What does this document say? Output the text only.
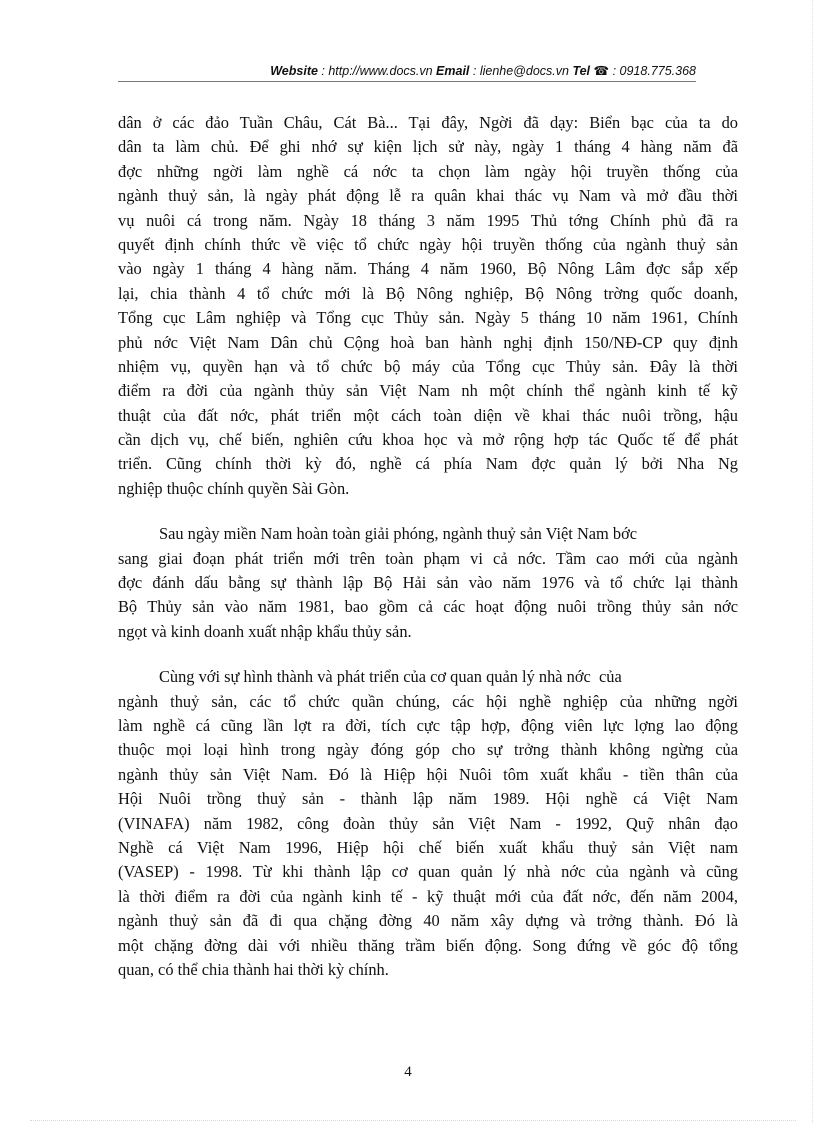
Website : http://www.docs.vn Email : lienhe@docs.vn Tel ☎ : 0918.775.368
dân ở các đảo Tuần Châu, Cát Bà... Tại đây, Ngời đã dạy: Biển bạc của ta do
dân ta làm chủ. Để ghi nhớ sự kiện lịch sử này, ngày 1 tháng 4 hàng năm đã
đợc những ngời làm nghề cá nớc ta chọn làm ngày hội truyền thống của
ngành thuỷ sản, là ngày phát động lễ ra quân khai thác vụ Nam và mở đầu thời
vụ nuôi cá trong năm. Ngày 18 tháng 3 năm 1995 Thủ tớng Chính phủ đã ra
quyết định chính thức về việc tổ chức ngày hội truyền thống của ngành thuỷ sản
vào ngày 1 tháng 4 hàng năm. Tháng 4 năm 1960, Bộ Nông Lâm đợc sắp xếp
lại, chia thành 4 tổ chức mới là Bộ Nông nghiệp, Bộ Nông trờng quốc doanh,
Tổng cục Lâm nghiệp và Tổng cục Thủy sản. Ngày 5 tháng 10 năm 1961, Chính
phủ nớc Việt Nam Dân chủ Cộng hoà ban hành nghị định 150/NĐ-CP quy định
nhiệm vụ, quyền hạn và tổ chức bộ máy của Tổng cục Thủy sản. Đây là thời
điểm ra đời của ngành thủy sản Việt Nam nh một chính thể ngành kinh tế kỹ
thuật của đất nớc, phát triển một cách toàn diện về khai thác nuôi trồng, hậu
cần dịch vụ, chế biến, nghiên cứu khoa học và mở rộng hợp tác Quốc tế để phát
triển. Cũng chính thời kỳ đó, nghề cá phía Nam đợc quản lý bởi Nha Ng
nghiệp thuộc chính quyền Sài Gòn.
Sau ngày miền Nam hoàn toàn giải phóng, ngành thuỷ sản Việt Nam bớc
sang giai đoạn phát triển mới trên toàn phạm vi cả nớc. Tầm cao mới của ngành
đợc đánh dấu bằng sự thành lập Bộ Hải sản vào năm 1976 và tổ chức lại thành
Bộ Thủy sản vào năm 1981, bao gồm cả các hoạt động nuôi trồng thủy sản nớc
ngọt và kinh doanh xuất nhập khẩu thủy sản.
Cùng với sự hình thành và phát triển của cơ quan quản lý nhà nớc  của
ngành thuỷ sản, các tổ chức quần chúng, các hội nghề nghiệp của những ngời
làm nghề cá cũng lần lợt ra đời, tích cực tập hợp, động viên lực lợng lao động
thuộc mọi loại hình trong ngày đóng góp cho sự trởng thành không ngừng của
ngành thủy sản Việt Nam. Đó là Hiệp hội Nuôi tôm xuất khẩu - tiền thân của
Hội Nuôi trồng thuỷ sản - thành lập năm 1989. Hội nghề cá Việt Nam
(VINAFA) năm 1982, công đoàn thủy sản Việt Nam - 1992, Quỹ nhân đạo
Nghề cá Việt Nam 1996, Hiệp hội chế biến xuất khẩu thuỷ sản Việt nam
(VASEP) - 1998. Từ khi thành lập cơ quan quản lý nhà nớc của ngành và cũng
là thời điểm ra đời của ngành kinh tế - kỹ thuật mới của đất nớc, đến năm 2004,
ngành thuỷ sản đã đi qua chặng đờng 40 năm xây dựng và trởng thành. Đó là
một chặng đờng dài với nhiều thăng trầm biến động. Song đứng về góc độ tổng
quan, có thể chia thành hai thời kỳ chính.
4
